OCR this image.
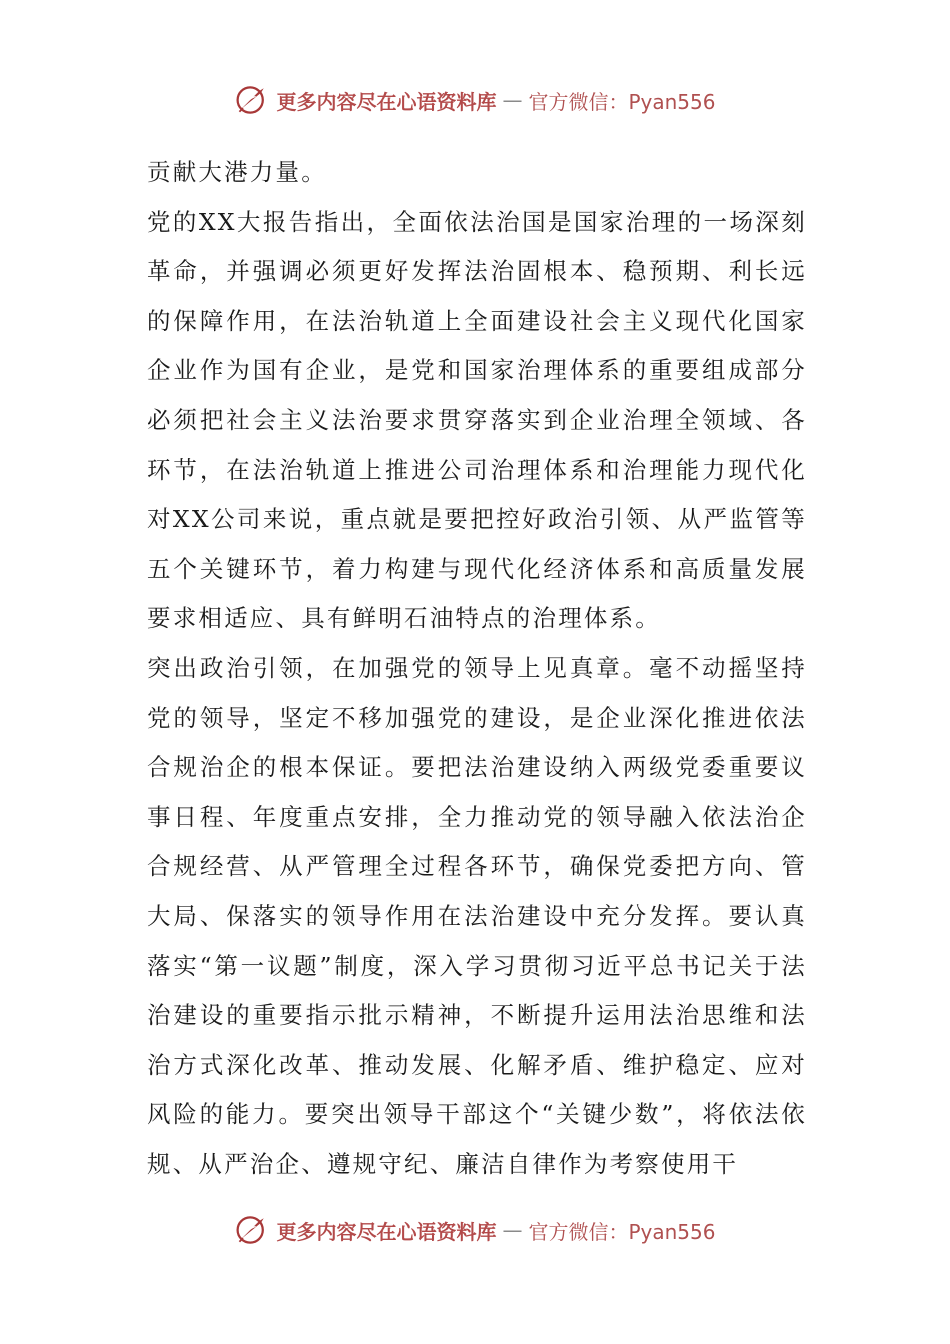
更多内容尽在心语资料库 — 官方微信：Pyan556

贡献大港力量。

党的XX大报告指出，全面依法治国是国家治理的一场深刻革命，并强调必须更好发挥法治固根本、稳预期、利长远的保障作用，在法治轨道上全面建设社会主义现代化国家企业作为国有企业，是党和国家治理体系的重要组成部分必须把社会主义法治要求贯穿落实到企业治理全领域、各环节，在法治轨道上推进公司治理体系和治理能力现代化对XX公司来说，重点就是要把控好政治引领、从严监管等五个关键环节，着力构建与现代化经济体系和高质量发展要求相适应、具有鲜明石油特点的治理体系。

突出政治引领，在加强党的领导上见真章。毫不动摇坚持党的领导，坚定不移加强党的建设，是企业深化推进依法合规治企的根本保证。要把法治建设纳入两级党委重要议事日程、年度重点安排，全力推动党的领导融入依法治企合规经营、从严管理全过程各环节，确保党委把方向、管大局、保落实的领导作用在法治建设中充分发挥。要认真落实“第一议题”制度，深入学习贯彻习近平总书记关于法治建设的重要指示批示精神，不断提升运用法治思维和法治方式深化改革、推动发展、化解矛盾、维护稳定、应对风险的能力。要突出领导干部这个“关键少数”，将依法依规、从严治企、遵规守纪、廉洁自律作为考察使用干

更多内容尽在心语资料库 — 官方微信：Pyan556
